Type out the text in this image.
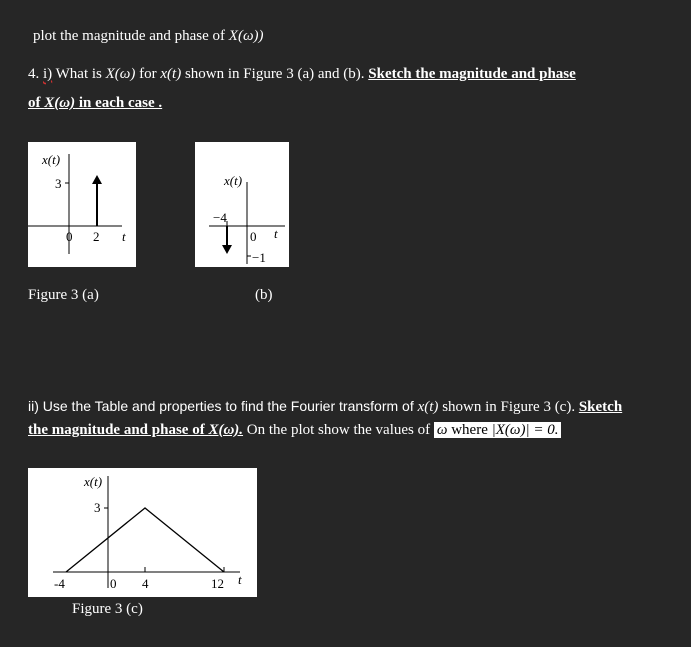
plot the magnitude and phase of X(ω))
4. i) What is X(ω) for x(t) shown in Figure 3 (a) and (b). Sketch the magnitude and phase
of X(ω) in each case .
x(t)
3
0 2 t
Figure 3 (a)
x(t)
−4
0 t
−1
(b)
ii) Use the Table and properties to find the Fourier transform of x(t) shown in Figure 3 (c). Sketch
the magnitude and phase of X(ω). On the plot show the values of ω where |X(ω)| = 0.
x(t)
3
-4	0 4	12 t
Figure 3 (c)
